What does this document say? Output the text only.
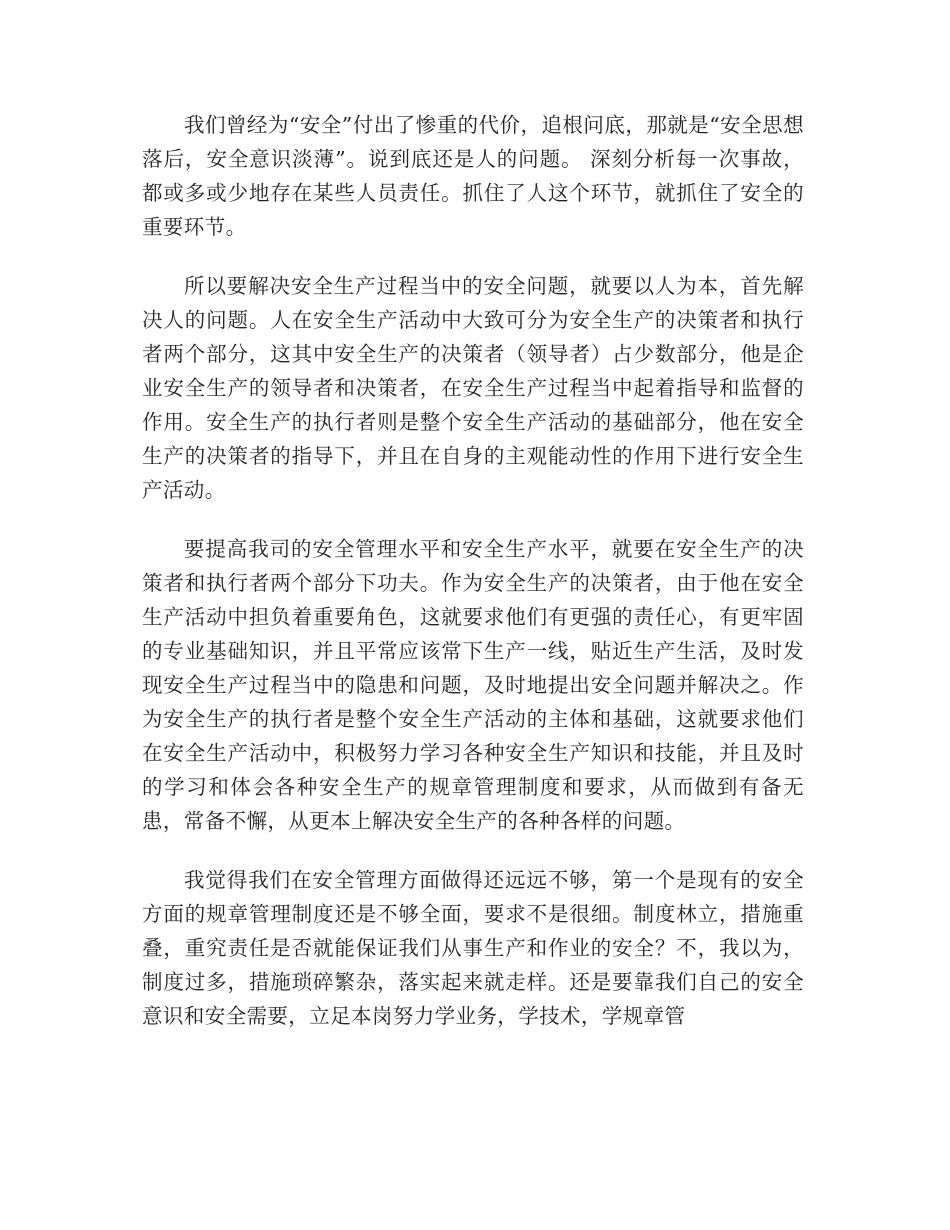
我们曾经为“安全”付出了惨重的代价，追根问底，那就是“安全思想落后，安全意识淡薄”。说到底还是人的问题。 深刻分析每一次事故，都或多或少地存在某些人员责任。抓住了人这个环节，就抓住了安全的重要环节。

所以要解决安全生产过程当中的安全问题，就要以人为本，首先解决人的问题。人在安全生产活动中大致可分为安全生产的决策者和执行者两个部分，这其中安全生产的决策者（领导者）占少数部分，他是企业安全生产的领导者和决策者，在安全生产过程当中起着指导和监督的作用。安全生产的执行者则是整个安全生产活动的基础部分，他在安全生产的决策者的指导下，并且在自身的主观能动性的作用下进行安全生产活动。

要提高我司的安全管理水平和安全生产水平，就要在安全生产的决策者和执行者两个部分下功夫。作为安全生产的决策者，由于他在安全生产活动中担负着重要角色，这就要求他们有更强的责任心，有更牢固的专业基础知识，并且平常应该常下生产一线，贴近生产生活，及时发现安全生产过程当中的隐患和问题，及时地提出安全问题并解决之。作为安全生产的执行者是整个安全生产活动的主体和基础，这就要求他们在安全生产活动中，积极努力学习各种安全生产知识和技能，并且及时的学习和体会各种安全生产的规章管理制度和要求，从而做到有备无患，常备不懈，从更本上解决安全生产的各种各样的问题。

我觉得我们在安全管理方面做得还远远不够，第一个是现有的安全方面的规章管理制度还是不够全面，要求不是很细。制度林立，措施重叠，重究责任是否就能保证我们从事生产和作业的安全？不，我以为，制度过多，措施琐碎繁杂，落实起来就走样。还是要靠我们自己的安全意识和安全需要，立足本岗努力学业务，学技术，学规章管
